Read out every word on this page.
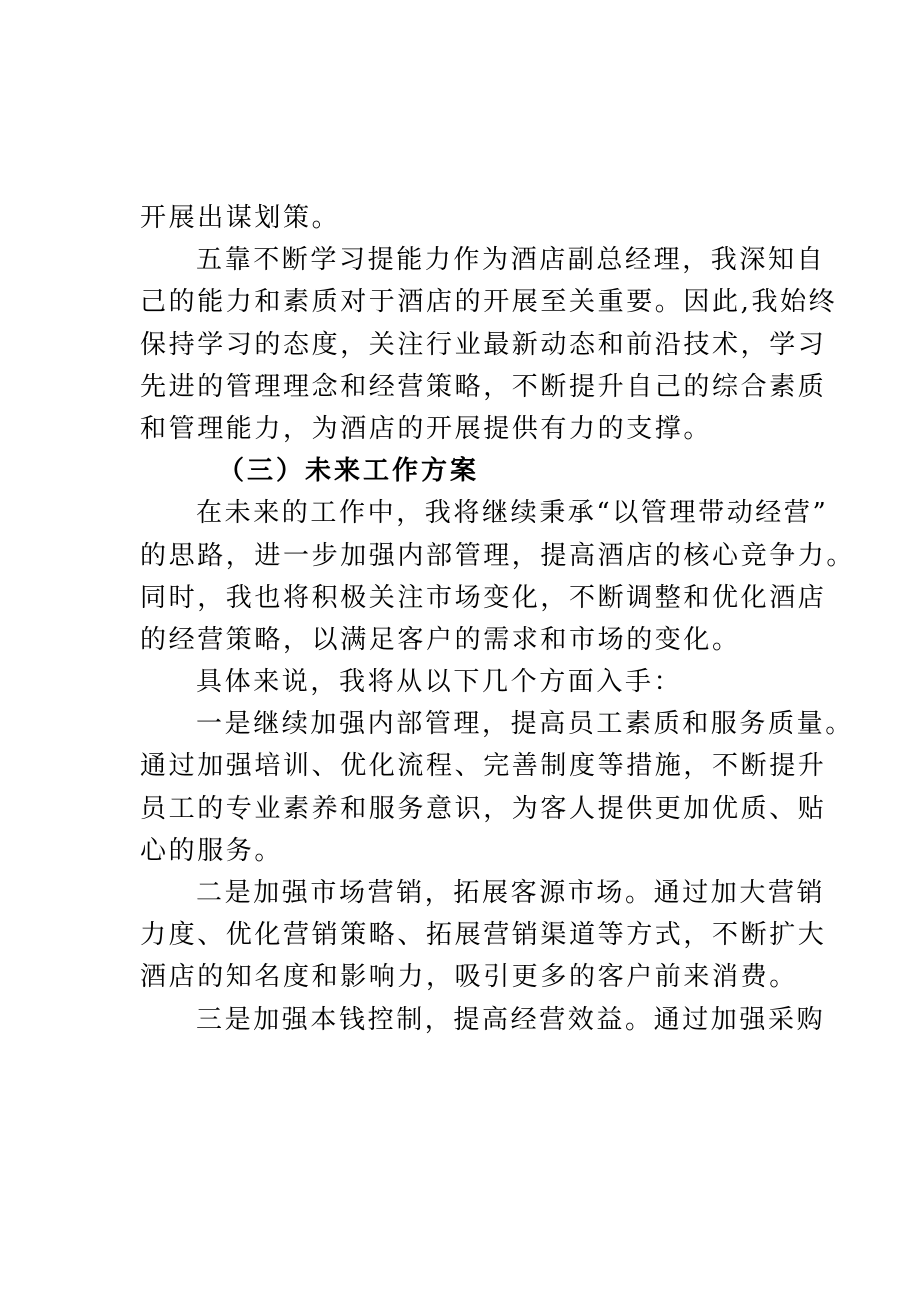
开展出谋划策。
五靠不断学习提能力作为酒店副总经理，我深知自
己的能力和素质对于酒店的开展至关重要。因此,我始终
保持学习的态度，关注行业最新动态和前沿技术，学习
先进的管理理念和经营策略，不断提升自己的综合素质
和管理能力，为酒店的开展提供有力的支撑。
（三）未来工作方案
在未来的工作中，我将继续秉承“以管理带动经营”
的思路，进一步加强内部管理，提高酒店的核心竞争力。
同时，我也将积极关注市场变化，不断调整和优化酒店
的经营策略，以满足客户的需求和市场的变化。
具体来说，我将从以下几个方面入手：
一是继续加强内部管理，提高员工素质和服务质量。
通过加强培训、优化流程、完善制度等措施，不断提升
员工的专业素养和服务意识，为客人提供更加优质、贴
心的服务。
二是加强市场营销，拓展客源市场。通过加大营销
力度、优化营销策略、拓展营销渠道等方式，不断扩大
酒店的知名度和影响力，吸引更多的客户前来消费。
三是加强本钱控制，提高经营效益。通过加强采购
